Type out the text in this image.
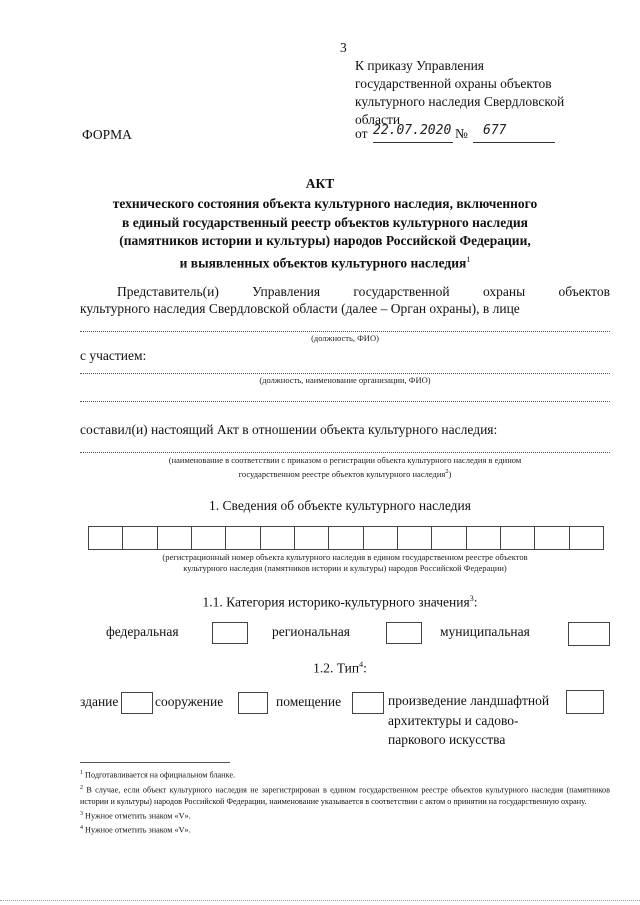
3
К приказу Управления
государственной охраны объектов
культурного наследия Свердловской
области
от 22.07.2020 № 677
ФОРМА
АКТ
технического состояния объекта культурного наследия, включенного
в единый государственный реестр объектов культурного наследия
(памятников истории и культуры) народов Российской Федерации,
и выявленных объектов культурного наследия$^1$
Представитель(и) Управления государственной охраны объектов
культурного наследия Свердловской области (далее – Орган охраны), в лице
(должность, ФИО)
с участием:
(должность, наименование организации, ФИО)
составил(и) настоящий Акт в отношении объекта культурного наследия:
(наименование в соответствии с приказом о регистрации объекта культурного наследия в едином
государственном реестре объектов культурного наследия$^2$)
1. Сведения об объекте культурного наследия
(регистрационный номер объекта культурного наследия в едином государственном реестре объектов
культурного наследия (памятников истории и культуры) народов Российской Федерации)
1.1. Категория историко-культурного значения$^3$:
федеральная	региональная	муниципальная
1.2. Тип$^4$:
здание	сооружение	помещение	произведение ландшафтной
архитектуры и садово-
паркового искусства
$^1$ Подготавливается на официальном бланке.
$^2$ В случае, если объект культурного наследия не зарегистрирован в едином государственном реестре объектов культурного наследия (памятников истории и культуры) народов Российской Федерации, наименование указывается в соответствии с актом о принятии на государственную охрану.
$^3$ Нужное отметить знаком «V».
$^4$ Нужное отметить знаком «V».
